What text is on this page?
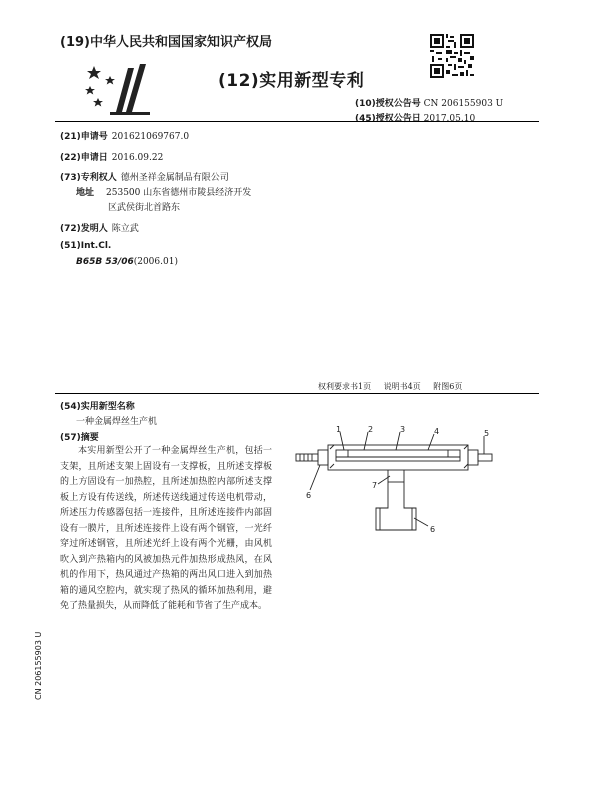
(19)中华人民共和国国家知识产权局
(12)实用新型专利
(10)授权公告号 CN 206155903 U
(45)授权公告日 2017.05.10
(21)申请号 201621069767.0
(22)申请日 2016.09.22
(73)专利权人 德州圣祥金属制品有限公司
地址 253500 山东省德州市陵县经济开发
区武侯街北首路东
(72)发明人 陈立武
(51)Int.Cl.
B65B 53/06(2006.01)
权利要求书1页 说明书4页 附图6页
(54)实用新型名称
一种金属焊丝生产机
(57)摘要
本实用新型公开了一种金属焊丝生产机，包括一支架，且所述支架上固设有一支撑板，且所述支撑板的上方固设有一加热腔，且所述加热腔内部所述支撑板上方设有传送线，所述传送线通过传送电机带动，所述压力传感器包括一连接件，且所述连接件内部固设有一膜片，且所述连接件上设有两个钢管，一光纤穿过所述钢管，且所述光纤上设有两个光栅，由风机吹入到产热箱内的风被加热元件加热形成热风，在风机的作用下，热风通过产热箱的两出风口进入到加热箱的通风空腔内，就实现了热风的循环加热利用，避免了热量损失，从而降低了能耗和节省了生产成本。
1	2	3	4	5
6
7
6
CN 206155903 U
